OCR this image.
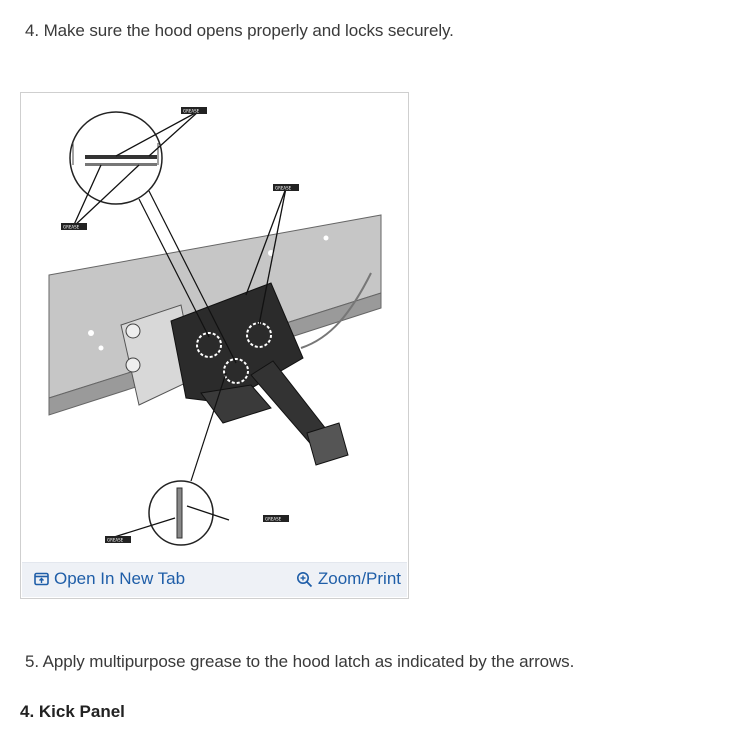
4. Make sure the hood opens properly and locks securely.
GREASE
GREASE
GREASE
GREASE
GREASE
Open In New Tab	Zoom/Print
5. Apply multipurpose grease to the hood latch as indicated by the arrows.
4. Kick Panel
